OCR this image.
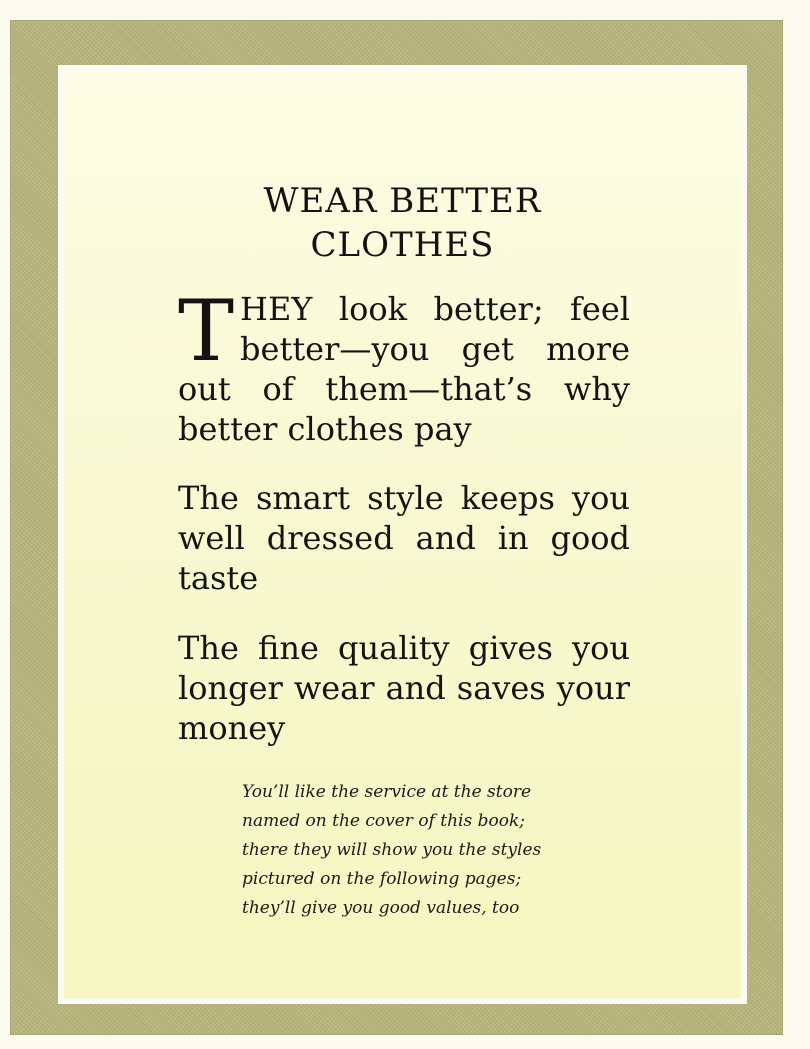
WEAR BETTER
CLOTHES

THEY look better; feel better—you get more out of them—that’s why better clothes pay

The smart style keeps you well dressed and in good taste

The fine quality gives you longer wear and saves your money

You’ll like the service at the store
named on the cover of this book;
there they will show you the styles
pictured on the following pages;
they’ll give you good values, too
